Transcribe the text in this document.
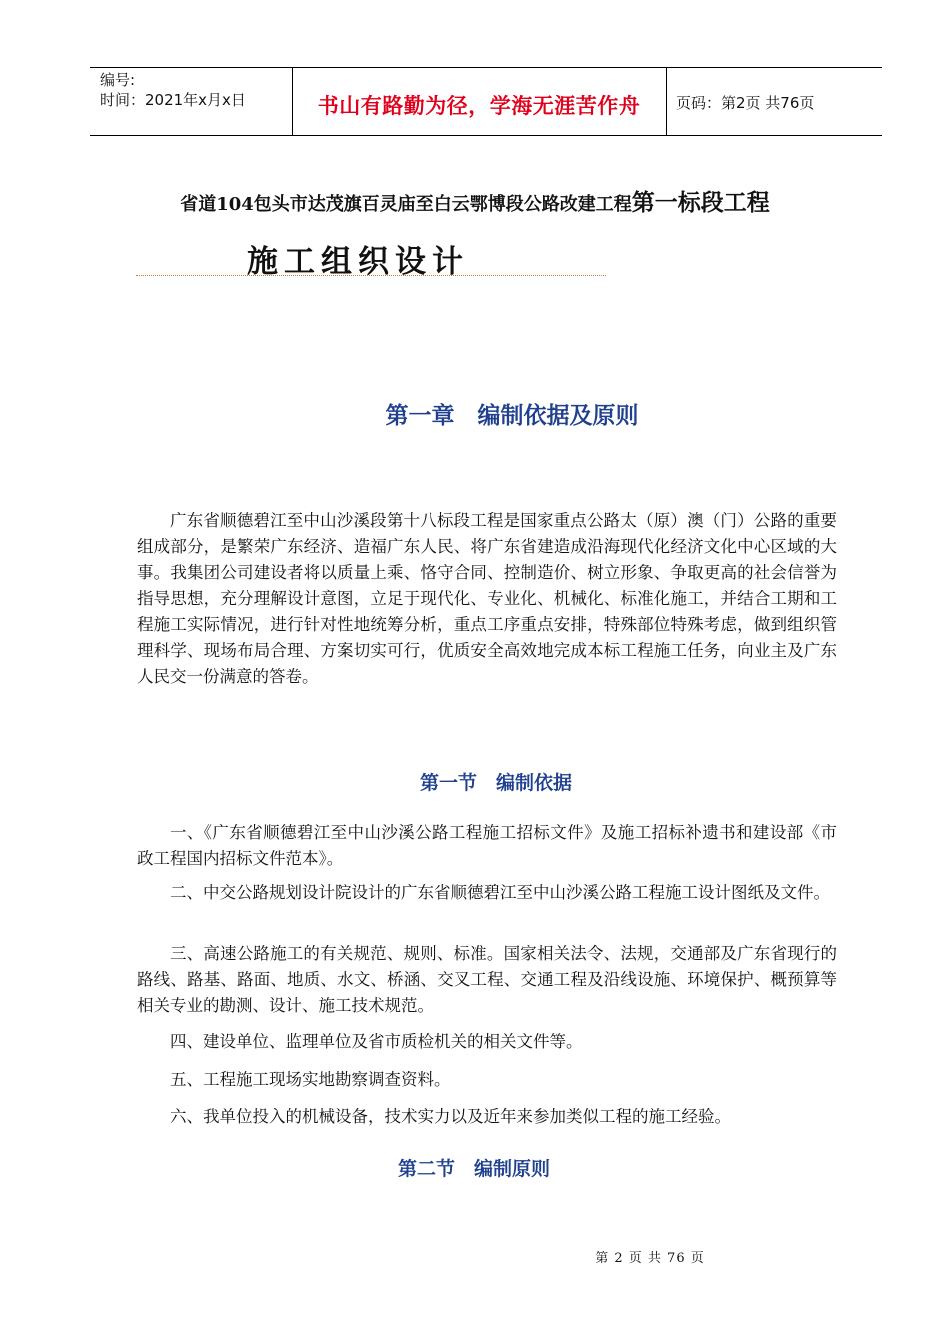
编号:
时间：2021年x月x日	书山有路勤为径，学海无涯苦作舟	页码：第2页 共76页
省道104包头市达茂旗百灵庙至白云鄂博段公路改建工程第一标段工程
施工组织设计
第一章　编制依据及原则

广东省顺德碧江至中山沙溪段第十八标段工程是国家重点公路太（原）澳（门）公路的重要组成部分，是繁荣广东经济、造福广东人民、将广东省建造成沿海现代化经济文化中心区域的大事。我集团公司建设者将以质量上乘、恪守合同、控制造价、树立形象、争取更高的社会信誉为指导思想，充分理解设计意图，立足于现代化、专业化、机械化、标准化施工，并结合工期和工程施工实际情况，进行针对性地统筹分析，重点工序重点安排，特殊部位特殊考虑，做到组织管理科学、现场布局合理、方案切实可行，优质安全高效地完成本标工程施工任务，向业主及广东人民交一份满意的答卷。

第一节　编制依据

一、《广东省顺德碧江至中山沙溪公路工程施工招标文件》及施工招标补遗书和建设部《市政工程国内招标文件范本》。

二、中交公路规划设计院设计的广东省顺德碧江至中山沙溪公路工程施工设计图纸及文件。

三、高速公路施工的有关规范、规则、标准。国家相关法令、法规，交通部及广东省现行的路线、路基、路面、地质、水文、桥涵、交叉工程、交通工程及沿线设施、环境保护、概预算等相关专业的勘测、设计、施工技术规范。

四、建设单位、监理单位及省市质检机关的相关文件等。

五、工程施工现场实地勘察调查资料。

六、我单位投入的机械设备，技术实力以及近年来参加类似工程的施工经验。

第二节　编制原则
第 2 页 共 76 页
